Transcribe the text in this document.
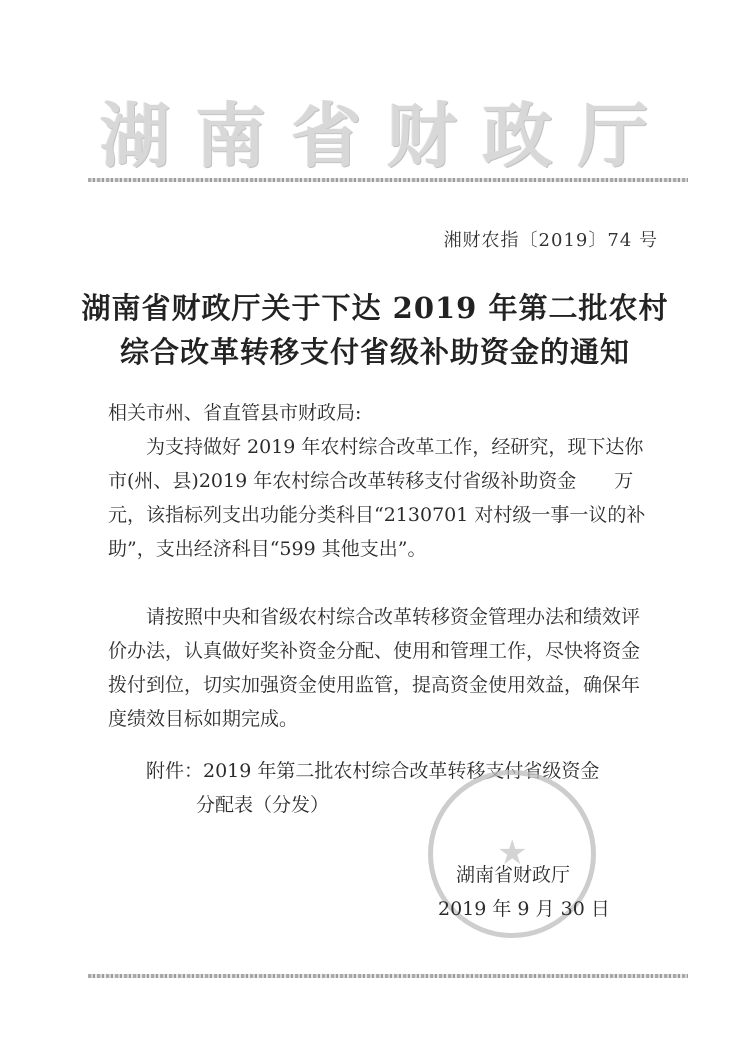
湖 南 省 财 政 厅
湘财农指〔2019〕74 号
湖南省财政厅关于下达 2019 年第二批农村
综合改革转移支付省级补助资金的通知
相关市州、省直管县市财政局:
为支持做好 2019 年农村综合改革工作，经研究，现下达你市(州、县)2019 年农村综合改革转移支付省级补助资金　　万元，该指标列支出功能分类科目“2130701 对村级一事一议的补助”，支出经济科目“599 其他支出”。
请按照中央和省级农村综合改革转移资金管理办法和绩效评价办法，认真做好奖补资金分配、使用和管理工作，尽快将资金拨付到位，切实加强资金使用监管，提高资金使用效益，确保年度绩效目标如期完成。
附件：2019 年第二批农村综合改革转移支付省级资金
分配表（分发）
★
湖南省财政厅
2019 年 9 月 30 日
